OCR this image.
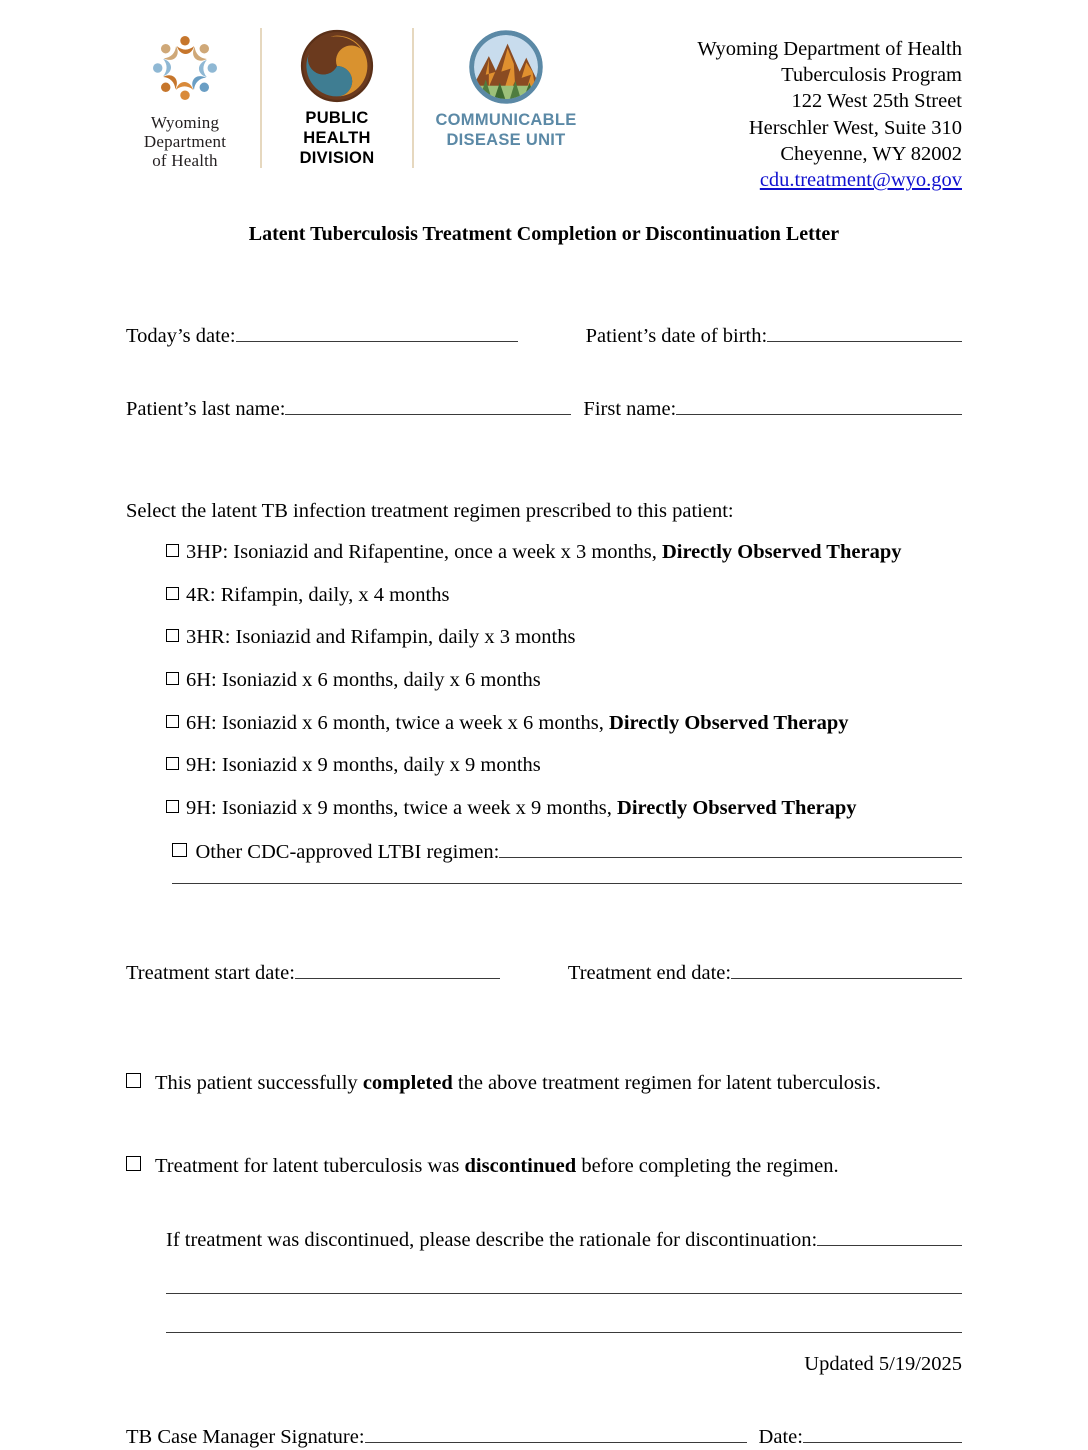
Wyoming
Department
of Health
PUBLIC
HEALTH
DIVISION
COMMUNICABLE
DISEASE UNIT
Wyoming Department of Health
Tuberculosis Program
122 West 25th Street
Herschler West, Suite 310
Cheyenne, WY 82002
cdu.treatment@wyo.gov
Latent Tuberculosis Treatment Completion or Discontinuation Letter
Today’s date:	Patient’s date of birth:
Patient’s last name:	First name:
Select the latent TB infection treatment regimen prescribed to this patient:
3HP: Isoniazid and Rifapentine, once a week x 3 months, Directly Observed Therapy
4R: Rifampin, daily, x 4 months
3HR: Isoniazid and Rifampin, daily x 3 months
6H: Isoniazid x 6 months, daily x 6 months
6H: Isoniazid x 6 month, twice a week x 6 months, Directly Observed Therapy
9H: Isoniazid x 9 months, daily x 9 months
9H: Isoniazid x 9 months, twice a week x 9 months, Directly Observed Therapy
Other CDC-approved LTBI regimen:
Treatment start date:	Treatment end date:
This patient successfully completed the above treatment regimen for latent tuberculosis.
Treatment for latent tuberculosis was discontinued before completing the regimen.
If treatment was discontinued, please describe the rationale for discontinuation:
TB Case Manager Signature:	Date:
Updated 5/19/2025
